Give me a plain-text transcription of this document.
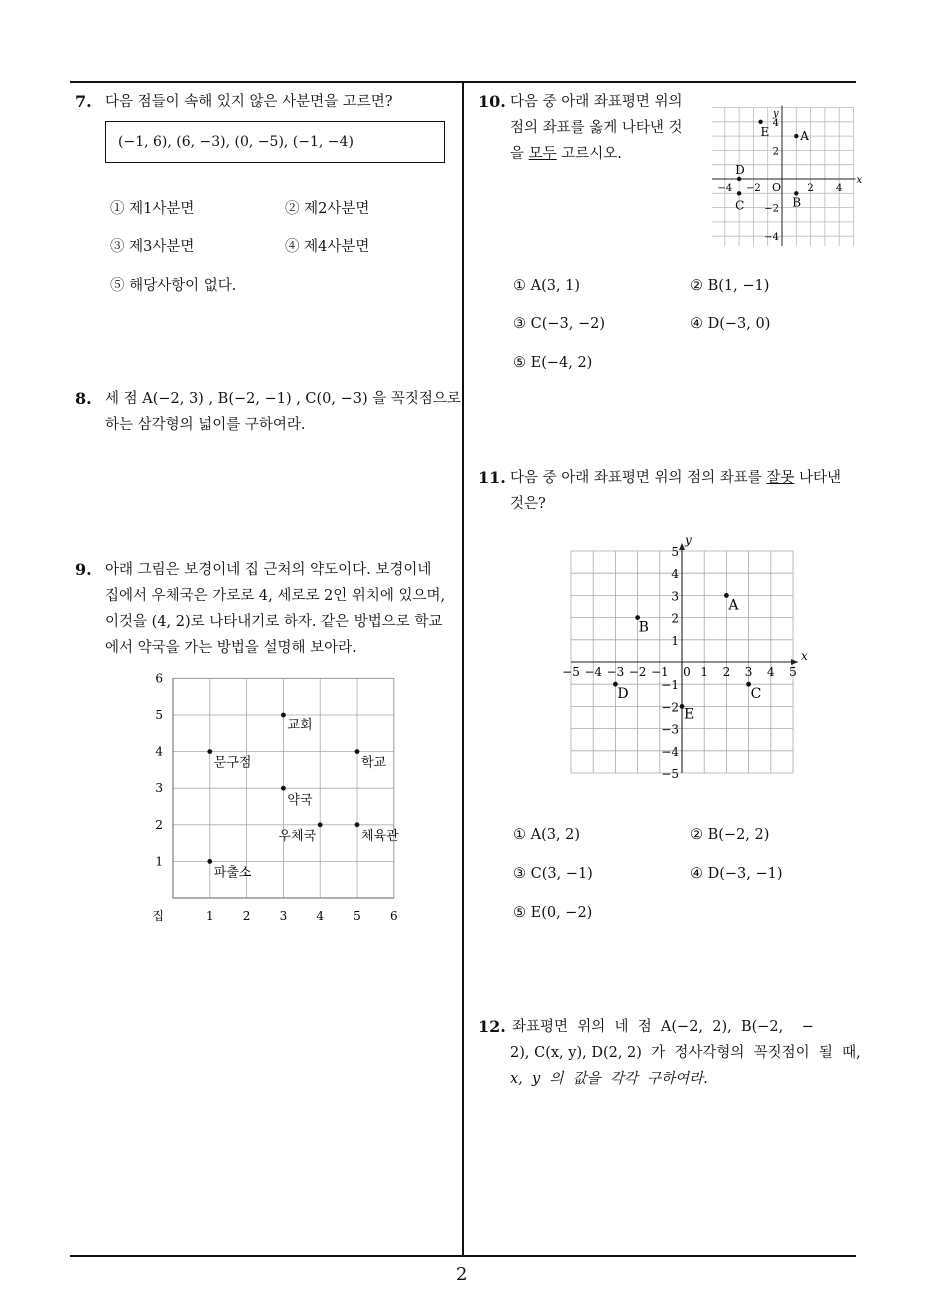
2
7. 다음 점들이 속해 있지 않은 사분면을 고르면?
(−1, 6), (6, −3), (0, −5), (−1, −4)
① 제1사분면	② 제2사분면
③ 제3사분면	④ 제4사분면
⑤ 해당사항이 없다.
8. 세 점 A(−2, 3) , B(−2, −1) , C(0, −3) 을 꼭짓점으로
하는 삼각형의 넓이를 구하여라.
9. 아래 그림은 보경이네 집 근처의 약도이다. 보경이네
집에서 우체국은 가로로 4, 세로로 2인 위치에 있으며,
이것을 (4, 2)로 나타내기로 하자. 같은 방법으로 학교
에서 약국을 가는 방법을 설명해 보아라.
1 2 3 4 5 6
1
2
3
4
5
6
집
교회
문구점	학교
약국
우체국	체육관
파출소
10. 다음 중 아래 좌표평면 위의
점의 좌표를 옳게 나타낸 것
을 모두 고르시오.
x
y
O
−4 −2	2 4
4
2
−2
−4
A
B
C
D
E
① A(3, 1)	② B(1, −1)
③ C(−3, −2)	④ D(−3, 0)
⑤ E(−4, 2)
11. 다음 중 아래 좌표평면 위의 점의 좌표를 잘못 나타낸
것은?
x
y
−5 −4 −3 −2 −1 0 1 2 3 4 5
5
4
3
2
1
−1
−2
−3
−4
−5
A
B
C
D
E
① A(3, 2)	② B(−2, 2)
③ C(3, −1)	④ D(−3, −1)
⑤ E(0, −2)
12. 좌표평면  위의  네  점  A(−2,  2),  B(−2,    −
2), C(x, y), D(2, 2)  가  정사각형의  꼭짓점이  될  때,
x,  y  의  값을  각각  구하여라.
